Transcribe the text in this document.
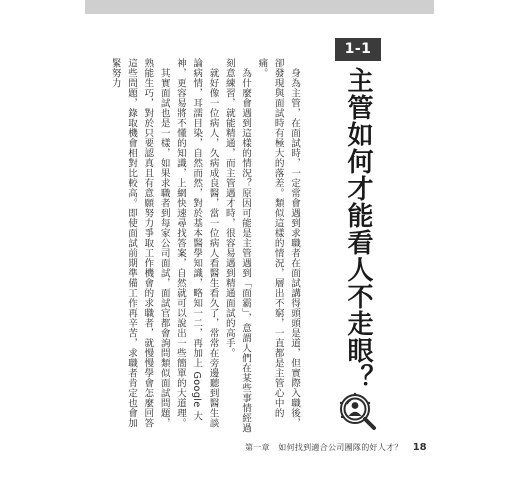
1-1
主管如何才能看人不走眼？

身為主管，在面試時，一定常會遇到求職者在面試講得頭頭是道，但實際入職後，卻發現與面試時有極大的落差。類似這樣的情況，層出不窮，一直都是主管心中的痛。

為什麼會遇到這樣的情況？原因可能是主管遇到「面霸」，意謂人們在某些事情經過刻意練習，就能精通，而主管遇才時，很容易遇到精通面試的高手。

就好像一位病人，久病成良醫，當一位病人看醫生看久了，常常在旁邊聽到醫生談論病情，耳濡目染，自然而然，對於基本醫學知識，略知一二，再加上 Google 大神，更容易將不懂的知識，上網快速尋找答案，自然就可以說出一些簡單的大道理。

其實面試也是一樣，如果求職者到每家公司面試，面試官都會詢問類似面試問題，熟能生巧，對於只要認真且有意願努力爭取工作機會的求職者，就慢慢學會怎麼回答這些問題，錄取機會相對比較高。即使面試前期準備工作再辛苦，求職者肯定也會加緊努力

第一章　如何找到適合公司團隊的好人才？ 18
